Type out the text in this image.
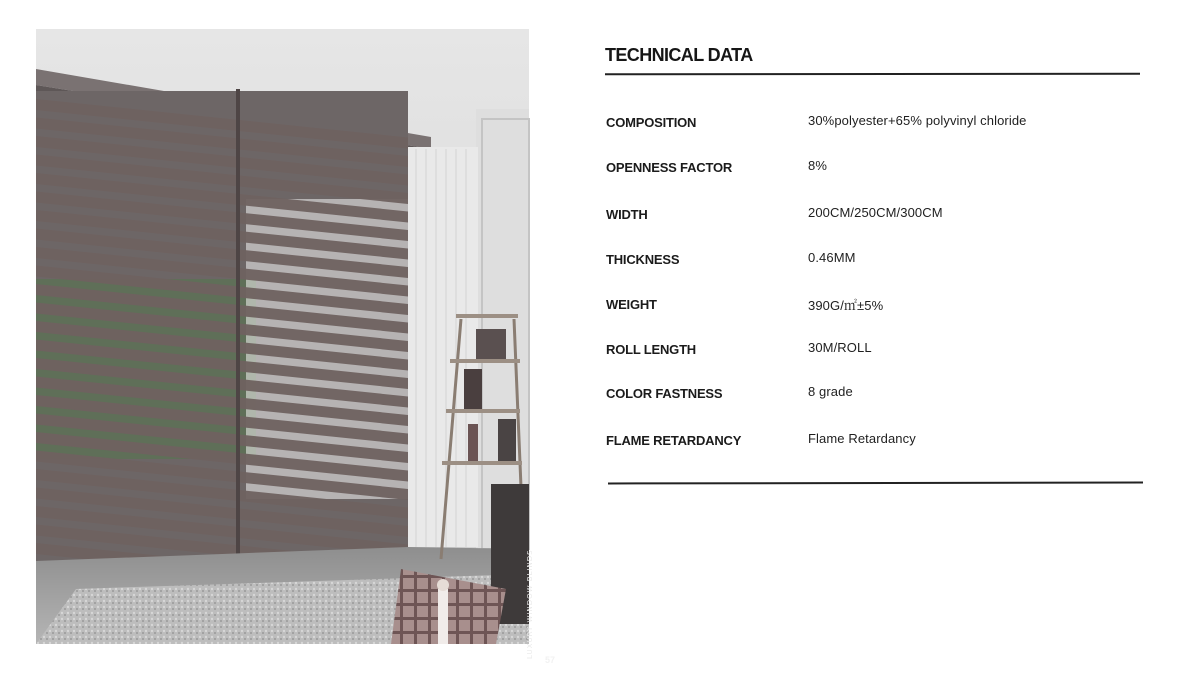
LUXURY WINDOW BLINDS
57
TECHNICAL DATA
COMPOSITION	30%polyester+65% polyvinyl chloride
OPENNESS FACTOR	8%
WIDTH	200CM/250CM/300CM
THICKNESS	0.46MM
WEIGHT	390G/㎡±5%
ROLL LENGTH	30M/ROLL
COLOR FASTNESS	8 grade
FLAME RETARDANCY	Flame Retardancy
